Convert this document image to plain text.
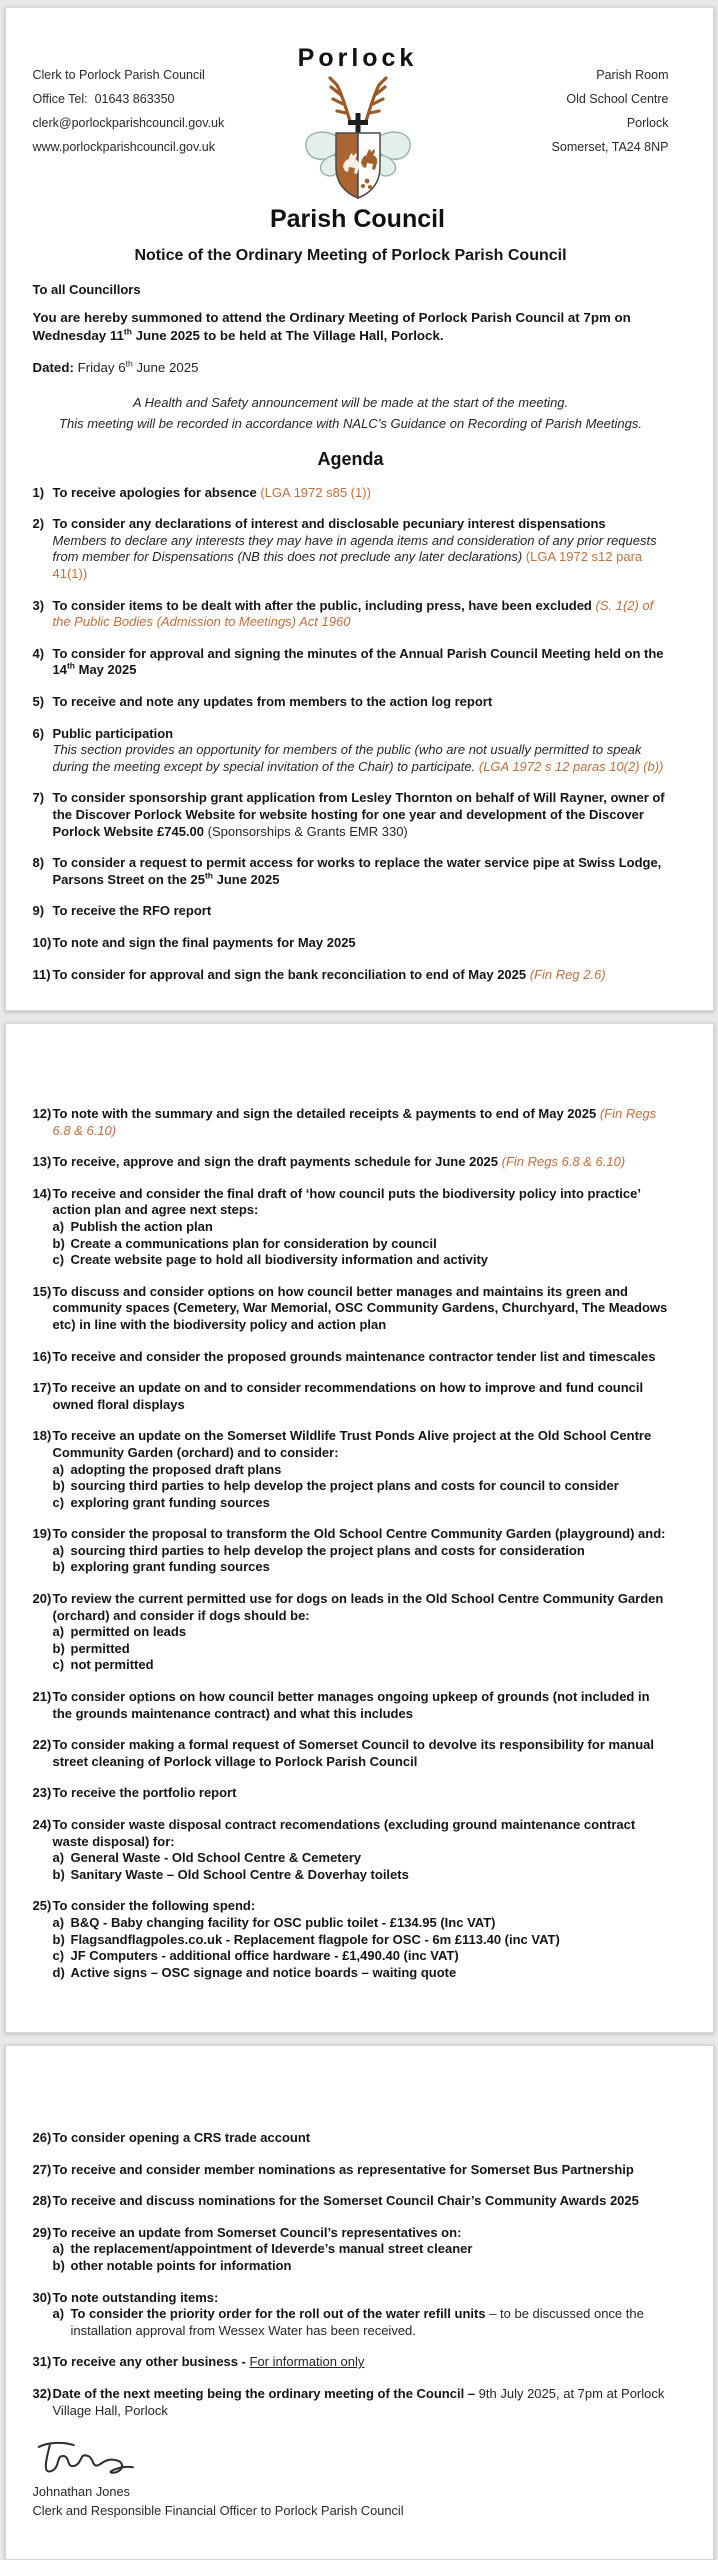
Clerk to Porlock Parish Council
Office Tel:  01643 863350
clerk@porlockparishcouncil.gov.uk
www.porlockparishcouncil.gov.uk
Porlock
Parish Council
Parish Room
Old School Centre
Porlock
Somerset, TA24 8NP
Notice of the Ordinary Meeting of Porlock Parish Council
To all Councillors
You are hereby summoned to attend the Ordinary Meeting of Porlock Parish Council at 7pm on Wednesday 11th June 2025 to be held at The Village Hall, Porlock.
Dated: Friday 6th June 2025
A Health and Safety announcement will be made at the start of the meeting.
This meeting will be recorded in accordance with NALC’s Guidance on Recording of Parish Meetings.
Agenda
1) To receive apologies for absence (LGA 1972 s85 (1))
2) To consider any declarations of interest and disclosable pecuniary interest dispensations
Members to declare any interests they may have in agenda items and consideration of any prior requests from member for Dispensations (NB this does not preclude any later declarations) (LGA 1972 s12 para 41(1))
3) To consider items to be dealt with after the public, including press, have been excluded (S. 1(2) of the Public Bodies (Admission to Meetings) Act 1960
4) To consider for approval and signing the minutes of the Annual Parish Council Meeting held on the 14th May 2025
5) To receive and note any updates from members to the action log report
6) Public participation
This section provides an opportunity for members of the public (who are not usually permitted to speak during the meeting except by special invitation of the Chair) to participate. (LGA 1972 s 12 paras 10(2) (b))
7) To consider sponsorship grant application from Lesley Thornton on behalf of Will Rayner, owner of the Discover Porlock Website for website hosting for one year and development of the Discover Porlock Website £745.00 (Sponsorships & Grants EMR 330)
8) To consider a request to permit access for works to replace the water service pipe at Swiss Lodge, Parsons Street on the 25th June 2025
9) To receive the RFO report
10) To note and sign the final payments for May 2025
11) To consider for approval and sign the bank reconciliation to end of May 2025 (Fin Reg 2.6)
12) To note with the summary and sign the detailed receipts & payments to end of May 2025 (Fin Regs 6.8 & 6.10)
13) To receive, approve and sign the draft payments schedule for June 2025 (Fin Regs 6.8 & 6.10)
14) To receive and consider the final draft of ‘how council puts the biodiversity policy into practice’ action plan and agree next steps:
a) Publish the action plan
b) Create a communications plan for consideration by council
c) Create website page to hold all biodiversity information and activity
15) To discuss and consider options on how council better manages and maintains its green and community spaces (Cemetery, War Memorial, OSC Community Gardens, Churchyard, The Meadows etc) in line with the biodiversity policy and action plan
16) To receive and consider the proposed grounds maintenance contractor tender list and timescales
17) To receive an update on and to consider recommendations on how to improve and fund council owned floral displays
18) To receive an update on the Somerset Wildlife Trust Ponds Alive project at the Old School Centre Community Garden (orchard) and to consider:
a) adopting the proposed draft plans
b) sourcing third parties to help develop the project plans and costs for council to consider
c) exploring grant funding sources
19) To consider the proposal to transform the Old School Centre Community Garden (playground) and:
a) sourcing third parties to help develop the project plans and costs for consideration
b) exploring grant funding sources
20) To review the current permitted use for dogs on leads in the Old School Centre Community Garden (orchard) and consider if dogs should be:
a) permitted on leads
b) permitted
c) not permitted
21) To consider options on how council better manages ongoing upkeep of grounds (not included in the grounds maintenance contract) and what this includes
22) To consider making a formal request of Somerset Council to devolve its responsibility for manual street cleaning of Porlock village to Porlock Parish Council
23) To receive the portfolio report
24) To consider waste disposal contract recomendations (excluding ground maintenance contract waste disposal) for:
a) General Waste - Old School Centre & Cemetery
b) Sanitary Waste – Old School Centre & Doverhay toilets
25) To consider the following spend:
a) B&Q - Baby changing facility for OSC public toilet - £134.95 (Inc VAT)
b) Flagsandflagpoles.co.uk - Replacement flagpole for OSC - 6m £113.40 (inc VAT)
c) JF Computers - additional office hardware - £1,490.40 (inc VAT)
d) Active signs – OSC signage and notice boards – waiting quote
26) To consider opening a CRS trade account
27) To receive and consider member nominations as representative for Somerset Bus Partnership
28) To receive and discuss nominations for the Somerset Council Chair’s Community Awards 2025
29) To receive an update from Somerset Council’s representatives on:
a) the replacement/appointment of Ideverde’s manual street cleaner
b) other notable points for information
30) To note outstanding items:
a) To consider the priority order for the roll out of the water refill units – to be discussed once the installation approval from Wessex Water has been received.
31) To receive any other business - For information only
32) Date of the next meeting being the ordinary meeting of the Council – 9th July 2025, at 7pm at Porlock Village Hall, Porlock
Johnathan Jones
Clerk and Responsible Financial Officer to Porlock Parish Council
